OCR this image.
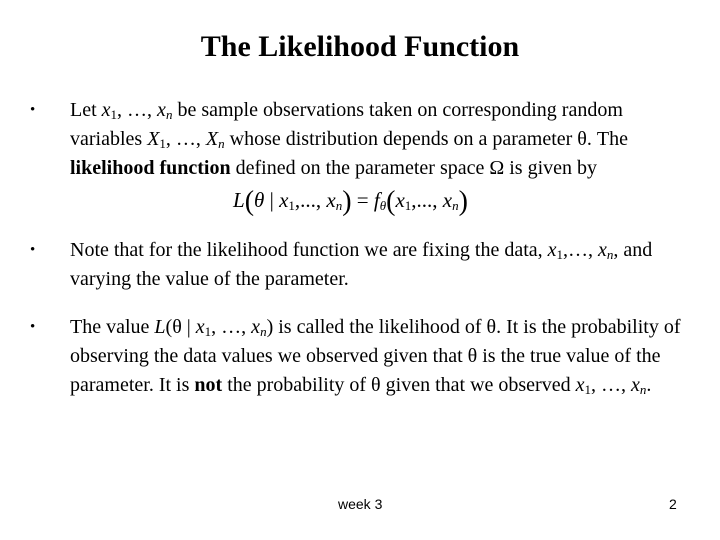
The Likelihood Function
• Let $x_1$, …, $x_n$ be sample observations taken on corresponding random variables $X_1$, …, $X_n$ whose distribution depends on a parameter θ. The likelihood function defined on the parameter space Ω is given by
L(θ | $x_1$,..., $x_n) = f_\theta(x_1$,..., $x_n$)
• Note that for the likelihood function we are fixing the data, $x_1,\dots$, $x_n$, and varying the value of the parameter.
• The value L(θ | $x_1$, …, $x_n$) is called the likelihood of θ. It is the probability of observing the data values we observed given that θ is the true value of the parameter. It is not the probability of θ given that we observed $x_1$, …, $x_n$.
week 3	2
